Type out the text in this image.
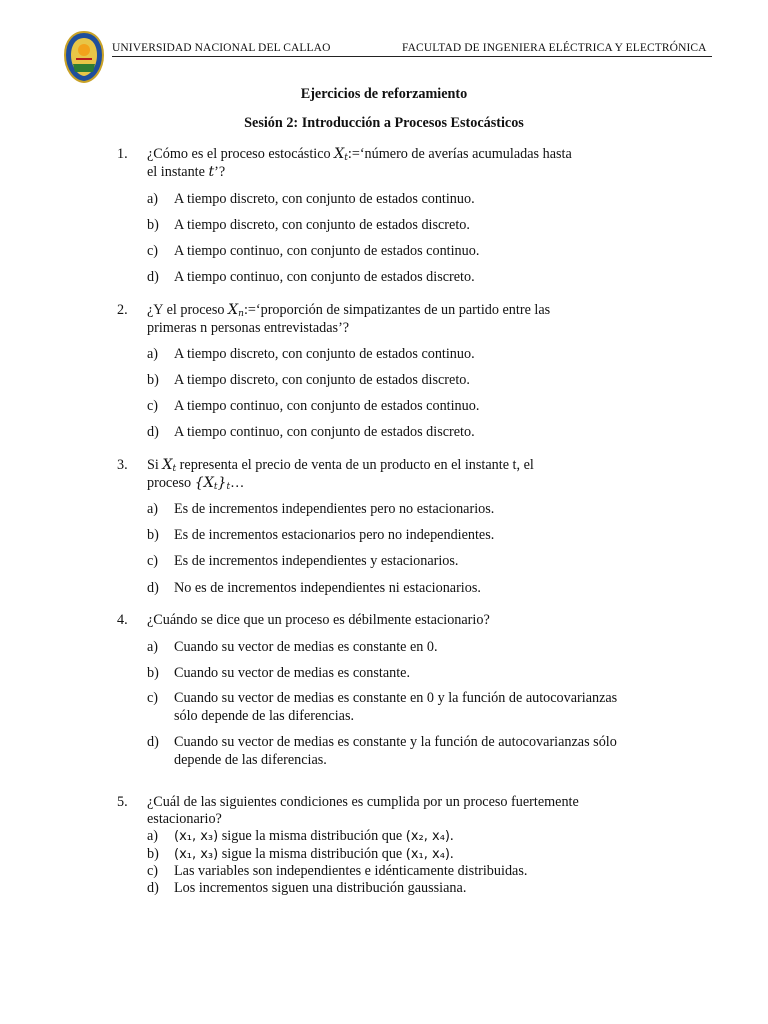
UNIVERSIDAD NACIONAL DEL CALLAO	FACULTAD DE INGENIERA ELÉCTRICA Y ELECTRÓNICA
Ejercicios de reforzamiento
Sesión 2: Introducción a Procesos Estocásticos
1. ¿Cómo es el proceso estocástico $X_t:=‘número$ de averías acumuladas hasta
el instante t’?
a) A tiempo discreto, con conjunto de estados continuo.
b) A tiempo discreto, con conjunto de estados discreto.
c) A tiempo continuo, con conjunto de estados continuo.
d) A tiempo continuo, con conjunto de estados discreto.
2. ¿Y el proceso $X_n:=‘proporción$ de simpatizantes de un partido entre las
primeras n personas entrevistadas’?
a) A tiempo discreto, con conjunto de estados continuo.
b) A tiempo discreto, con conjunto de estados discreto.
c) A tiempo continuo, con conjunto de estados continuo.
d) A tiempo continuo, con conjunto de estados discreto.
3. Si $X_t$ representa el precio de venta de un producto en el instante t, el
proceso $\{X_t\}_t\dots$
a) Es de incrementos independientes pero no estacionarios.
b) Es de incrementos estacionarios pero no independientes.
c) Es de incrementos independientes y estacionarios.
d) No es de incrementos independientes ni estacionarios.
4. ¿Cuándo se dice que un proceso es débilmente estacionario?
a) Cuando su vector de medias es constante en 0.
b) Cuando su vector de medias es constante.
c) Cuando su vector de medias es constante en 0 y la función de autocovarianzas
sólo depende de las diferencias.
d) Cuando su vector de medias es constante y la función de autocovarianzas sólo
depende de las diferencias.
5. ¿Cuál de las siguientes condiciones es cumplida por un proceso fuertemente
estacionario?
a) (x₁, x₃) sigue la misma distribución que (x₂, x₄).
b) (x₁, x₃) sigue la misma distribución que (x₁, x₄).
c) Las variables son independientes e idénticamente distribuidas.
d) Los incrementos siguen una distribución gaussiana.
